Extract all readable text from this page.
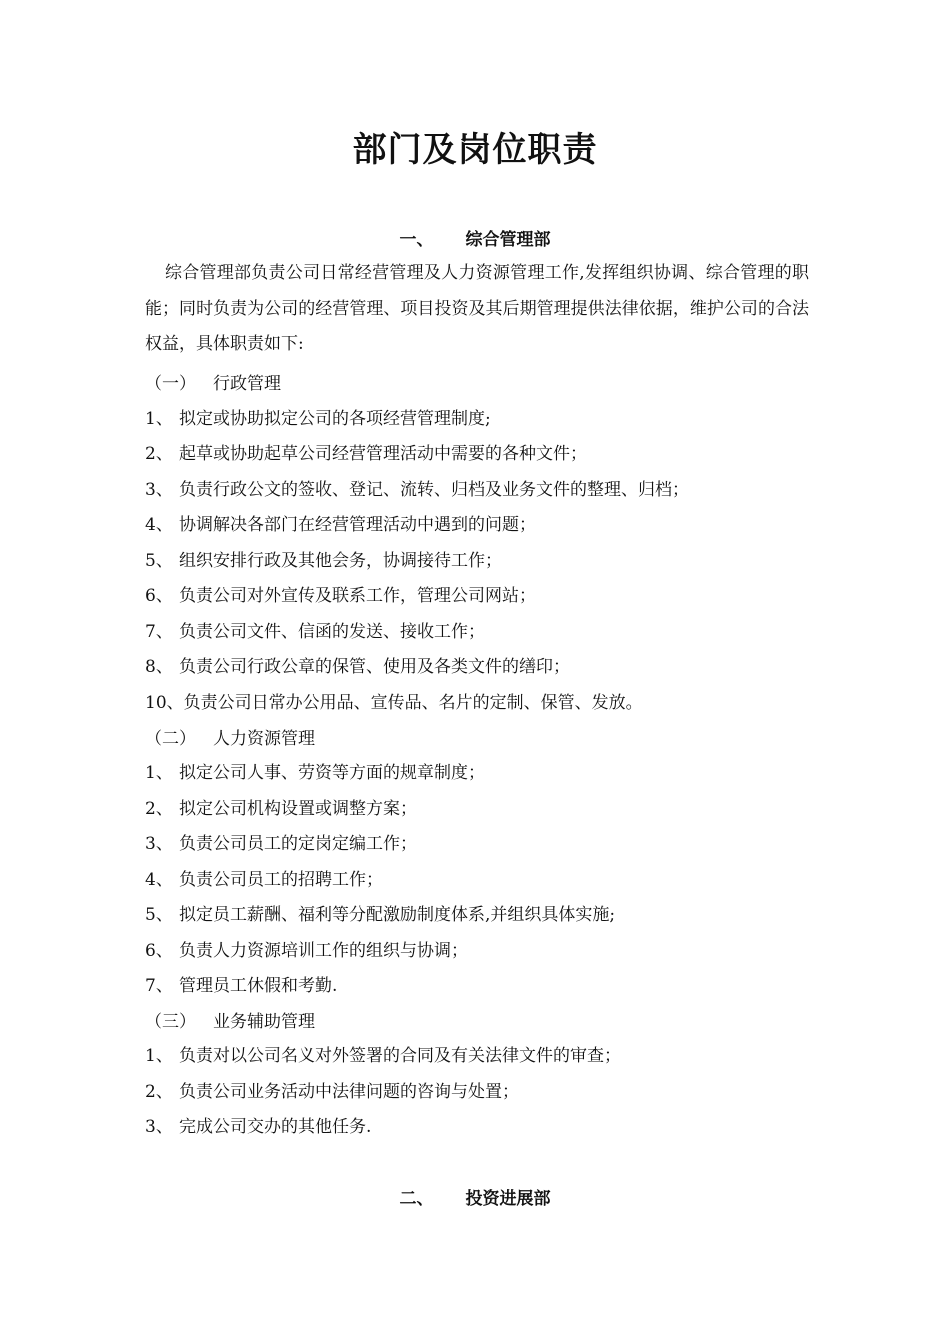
部门及岗位职责
一、 综合管理部
综合管理部负责公司日常经营管理及人力资源管理工作,发挥组织协调、综合管理的职能；同时负责为公司的经营管理、项目投资及其后期管理提供法律依据，维护公司的合法权益，具体职责如下:
（一） 行政管理
1、 拟定或协助拟定公司的各项经营管理制度;
2、 起草或协助起草公司经营管理活动中需要的各种文件；
3、 负责行政公文的签收、登记、流转、归档及业务文件的整理、归档；
4、 协调解决各部门在经营管理活动中遇到的问题；
5、 组织安排行政及其他会务，协调接待工作；
6、 负责公司对外宣传及联系工作，管理公司网站；
7、 负责公司文件、信函的发送、接收工作；
8、 负责公司行政公章的保管、使用及各类文件的缮印；
10、负责公司日常办公用品、宣传品、名片的定制、保管、发放。
（二） 人力资源管理
1、 拟定公司人事、劳资等方面的规章制度；
2、 拟定公司机构设置或调整方案；
3、 负责公司员工的定岗定编工作；
4、 负责公司员工的招聘工作；
5、 拟定员工薪酬、福利等分配激励制度体系,并组织具体实施;
6、 负责人力资源培训工作的组织与协调；
7、 管理员工休假和考勤.
（三） 业务辅助管理
1、 负责对以公司名义对外签署的合同及有关法律文件的审查；
2、 负责公司业务活动中法律问题的咨询与处置；
3、 完成公司交办的其他任务.
二、 投资进展部
